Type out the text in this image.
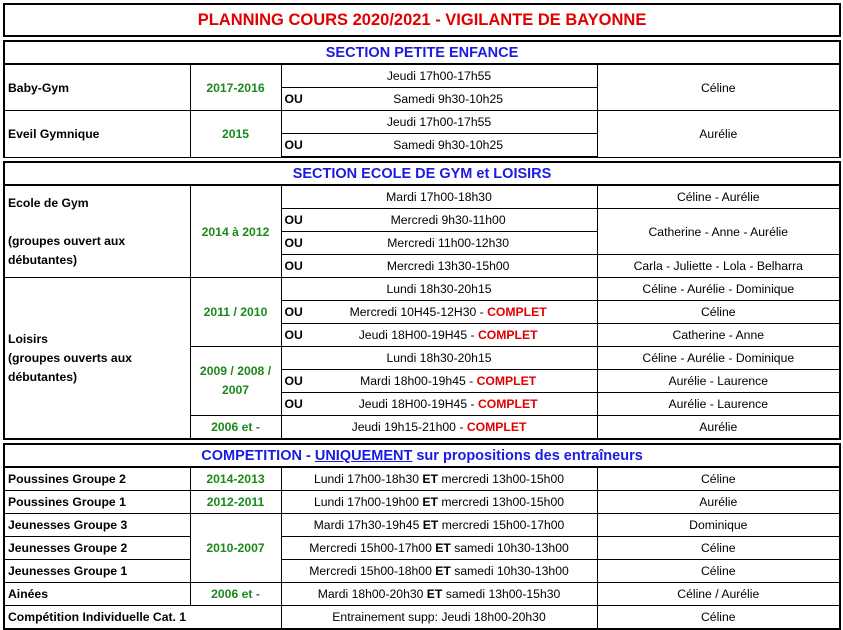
PLANNING COURS 2020/2021 - VIGILANTE DE BAYONNE			

SECTION PETITE ENFANCE			
Baby-Gym	2017-2016	Jeudi 17h00-17h55	Céline

		OU Samedi 9h30-10h25	
Eveil Gymnique	2015	Jeudi 17h00-17h55	Aurélie

		OU Samedi 9h30-10h25	

SECTION ECOLE DE GYM et LOISIRS			
Ecole de Gym

(groupes ouvert aux débutantes)	2014 à 2012	Mardi 17h00-18h30	Céline - Aurélie

		OU Mercredi 9h30-11h00	Catherine - Anne - Aurélie

		OU Mercredi 11h00-12h30	

		OU Mercredi 13h30-15h00	Carla - Juliette - Lola - Belharra
Loisirs
(groupes ouverts aux débutantes)	2011 / 2010	Lundi 18h30-20h15	Céline - Aurélie - Dominique

		OU Mercredi 10H45-12H30 - COMPLET	Céline

		OU Jeudi 18H00-19H45 - COMPLET	Catherine - Anne
	2009 / 2008 / 2007	Lundi 18h30-20h15	Céline - Aurélie - Dominique

		OU Mardi 18h00-19h45 - COMPLET	Aurélie - Laurence

		OU Jeudi 18H00-19H45 - COMPLET	Aurélie - Laurence
	2006 et -	Jeudi 19h15-21h00 - COMPLET	Aurélie

COMPETITION - UNIQUEMENT sur propositions des entraîneurs			
Poussines Groupe 2	2014-2013	Lundi 17h00-18h30 ET mercredi 13h00-15h00	Céline
Poussines Groupe 1	2012-2011	Lundi 17h00-19h00 ET mercredi 13h00-15h00	Aurélie
Jeunesses Groupe 3	2010-2007	Mardi 17h30-19h45 ET mercredi 15h00-17h00	Dominique
Jeunesses Groupe 2		Mercredi 15h00-17h00 ET samedi 10h30-13h00	Céline
Jeunesses Groupe 1		Mercredi 15h00-18h00 ET samedi 10h30-13h00	Céline
Ainées	2006 et -	Mardi 18h00-20h30 ET samedi 13h00-15h30	Céline / Aurélie
Compétition Individuelle Cat. 1		Entrainement supp: Jeudi 18h00-20h30	Céline
